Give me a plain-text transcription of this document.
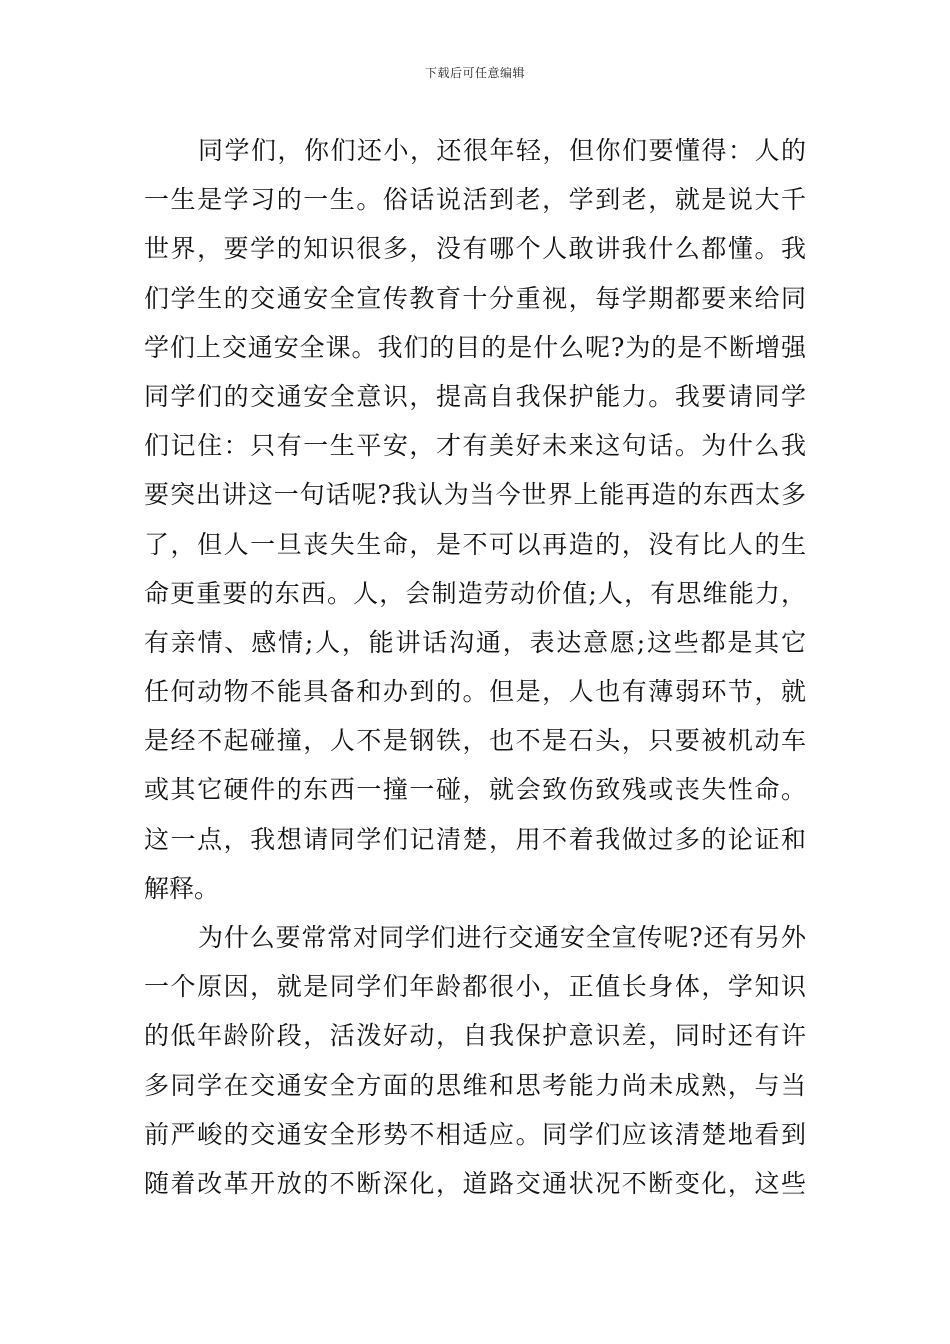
下载后可任意编辑
同学们，你们还小，还很年轻，但你们要懂得：人的
一生是学习的一生。俗话说活到老，学到老，就是说大千
世界，要学的知识很多，没有哪个人敢讲我什么都懂。我
们学生的交通安全宣传教育十分重视，每学期都要来给同
学们上交通安全课。我们的目的是什么呢?为的是不断增强
同学们的交通安全意识，提高自我保护能力。我要请同学
们记住：只有一生平安，才有美好未来这句话。为什么我
要突出讲这一句话呢?我认为当今世界上能再造的东西太多
了，但人一旦丧失生命，是不可以再造的，没有比人的生
命更重要的东西。人，会制造劳动价值;人，有思维能力，
有亲情、感情;人，能讲话沟通，表达意愿;这些都是其它
任何动物不能具备和办到的。但是，人也有薄弱环节，就
是经不起碰撞，人不是钢铁，也不是石头，只要被机动车
或其它硬件的东西一撞一碰，就会致伤致残或丧失性命。
这一点，我想请同学们记清楚，用不着我做过多的论证和
解释。
为什么要常常对同学们进行交通安全宣传呢?还有另外
一个原因，就是同学们年龄都很小，正值长身体，学知识
的低年龄阶段，活泼好动，自我保护意识差，同时还有许
多同学在交通安全方面的思维和思考能力尚未成熟，与当
前严峻的交通安全形势不相适应。同学们应该清楚地看到
随着改革开放的不断深化，道路交通状况不断变化，这些
